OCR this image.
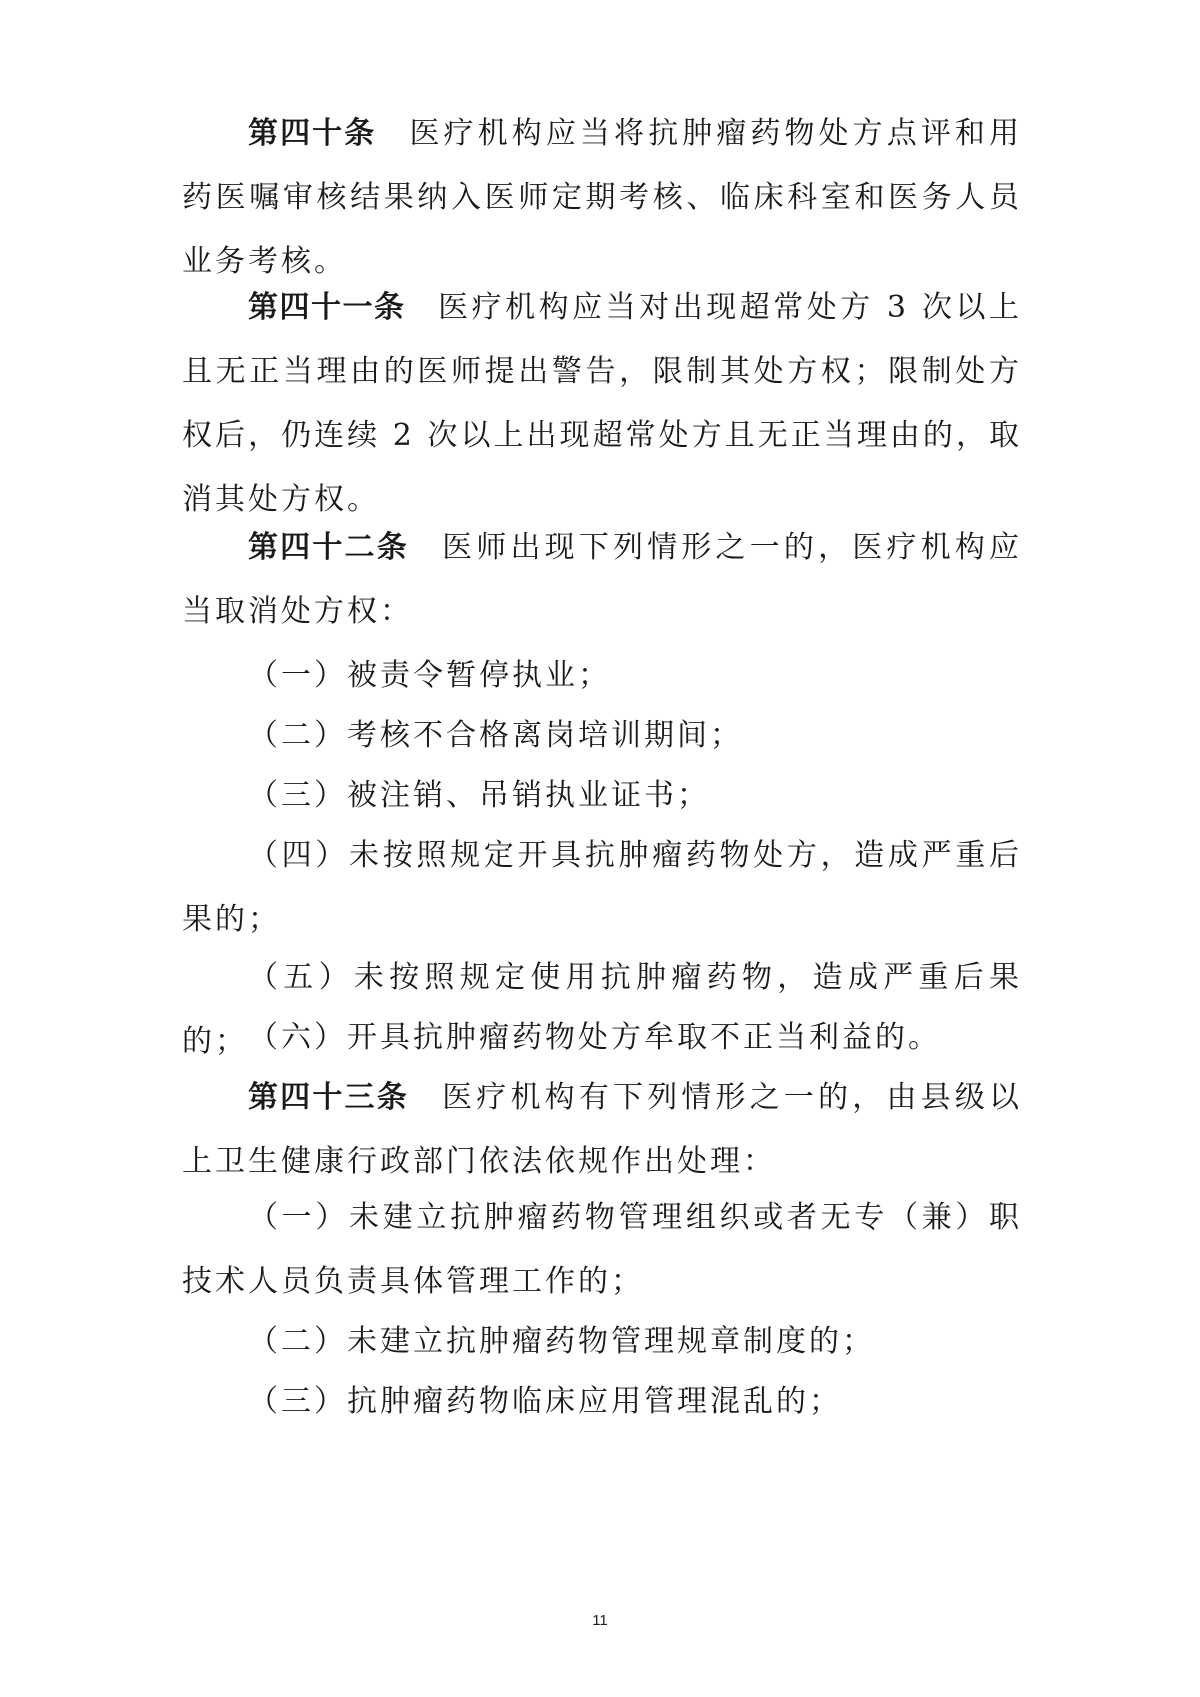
第四十条 医疗机构应当将抗肿瘤药物处方点评和用药医嘱审核结果纳入医师定期考核、临床科室和医务人员业务考核。

第四十一条 医疗机构应当对出现超常处方 3 次以上且无正当理由的医师提出警告，限制其处方权；限制处方权后，仍连续 2 次以上出现超常处方且无正当理由的，取消其处方权。

第四十二条 医师出现下列情形之一的，医疗机构应当取消处方权：

（一）被责令暂停执业；

（二）考核不合格离岗培训期间；

（三）被注销、吊销执业证书；

（四）未按照规定开具抗肿瘤药物处方，造成严重后果的；

（五）未按照规定使用抗肿瘤药物，造成严重后果的； （六）开具抗肿瘤药物处方牟取不正当利益的。

第四十三条 医疗机构有下列情形之一的，由县级以上卫生健康行政部门依法依规作出处理：

（一）未建立抗肿瘤药物管理组织或者无专（兼）职技术人员负责具体管理工作的；

（二）未建立抗肿瘤药物管理规章制度的；

（三）抗肿瘤药物临床应用管理混乱的；

11
